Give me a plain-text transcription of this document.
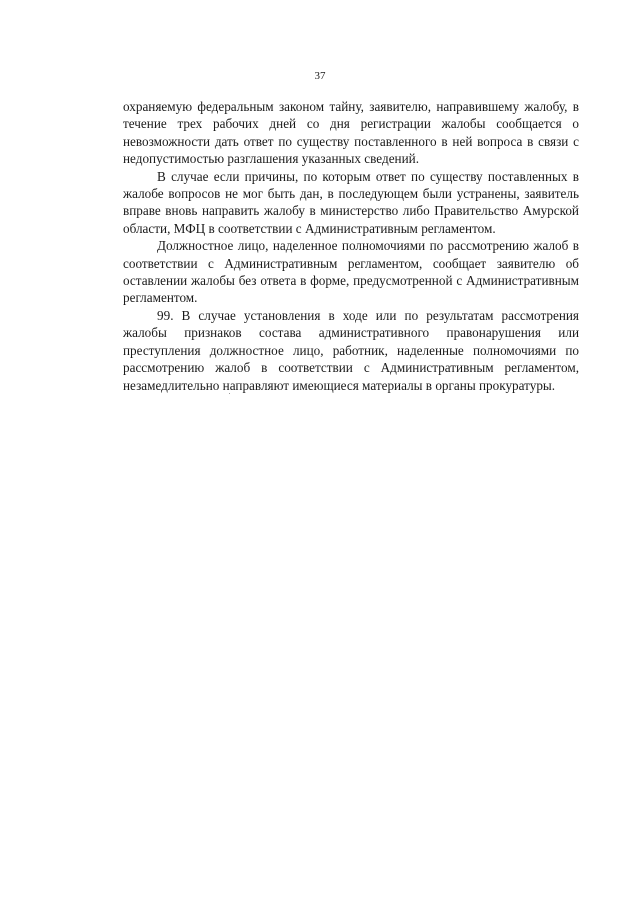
37

охраняемую федеральным законом тайну, заявителю, направившему жалобу, в течение трех рабочих дней со дня регистрации жалобы сообщается о невозможности дать ответ по существу поставленного в ней вопроса в связи с недопустимостью разглашения указанных сведений.

В случае если причины, по которым ответ по существу поставленных в жалобе вопросов не мог быть дан, в последующем были устранены, заявитель вправе вновь направить жалобу в министерство либо Правительство Амурской области, МФЦ в соответствии с Административным регламентом.

Должностное лицо, наделенное полномочиями по рассмотрению жалоб в соответствии с Административным регламентом, сообщает заявителю об оставлении жалобы без ответа в форме, предусмотренной с Административным регламентом.

99. В случае установления в ходе или по результатам рассмотрения жалобы признаков состава административного правонарушения или преступления должностное лицо, работник, наделенные полномочиями по рассмотрению жалоб в соответствии с Административным регламентом, незамедлительно направляют имеющиеся материалы в органы прокуратуры.
